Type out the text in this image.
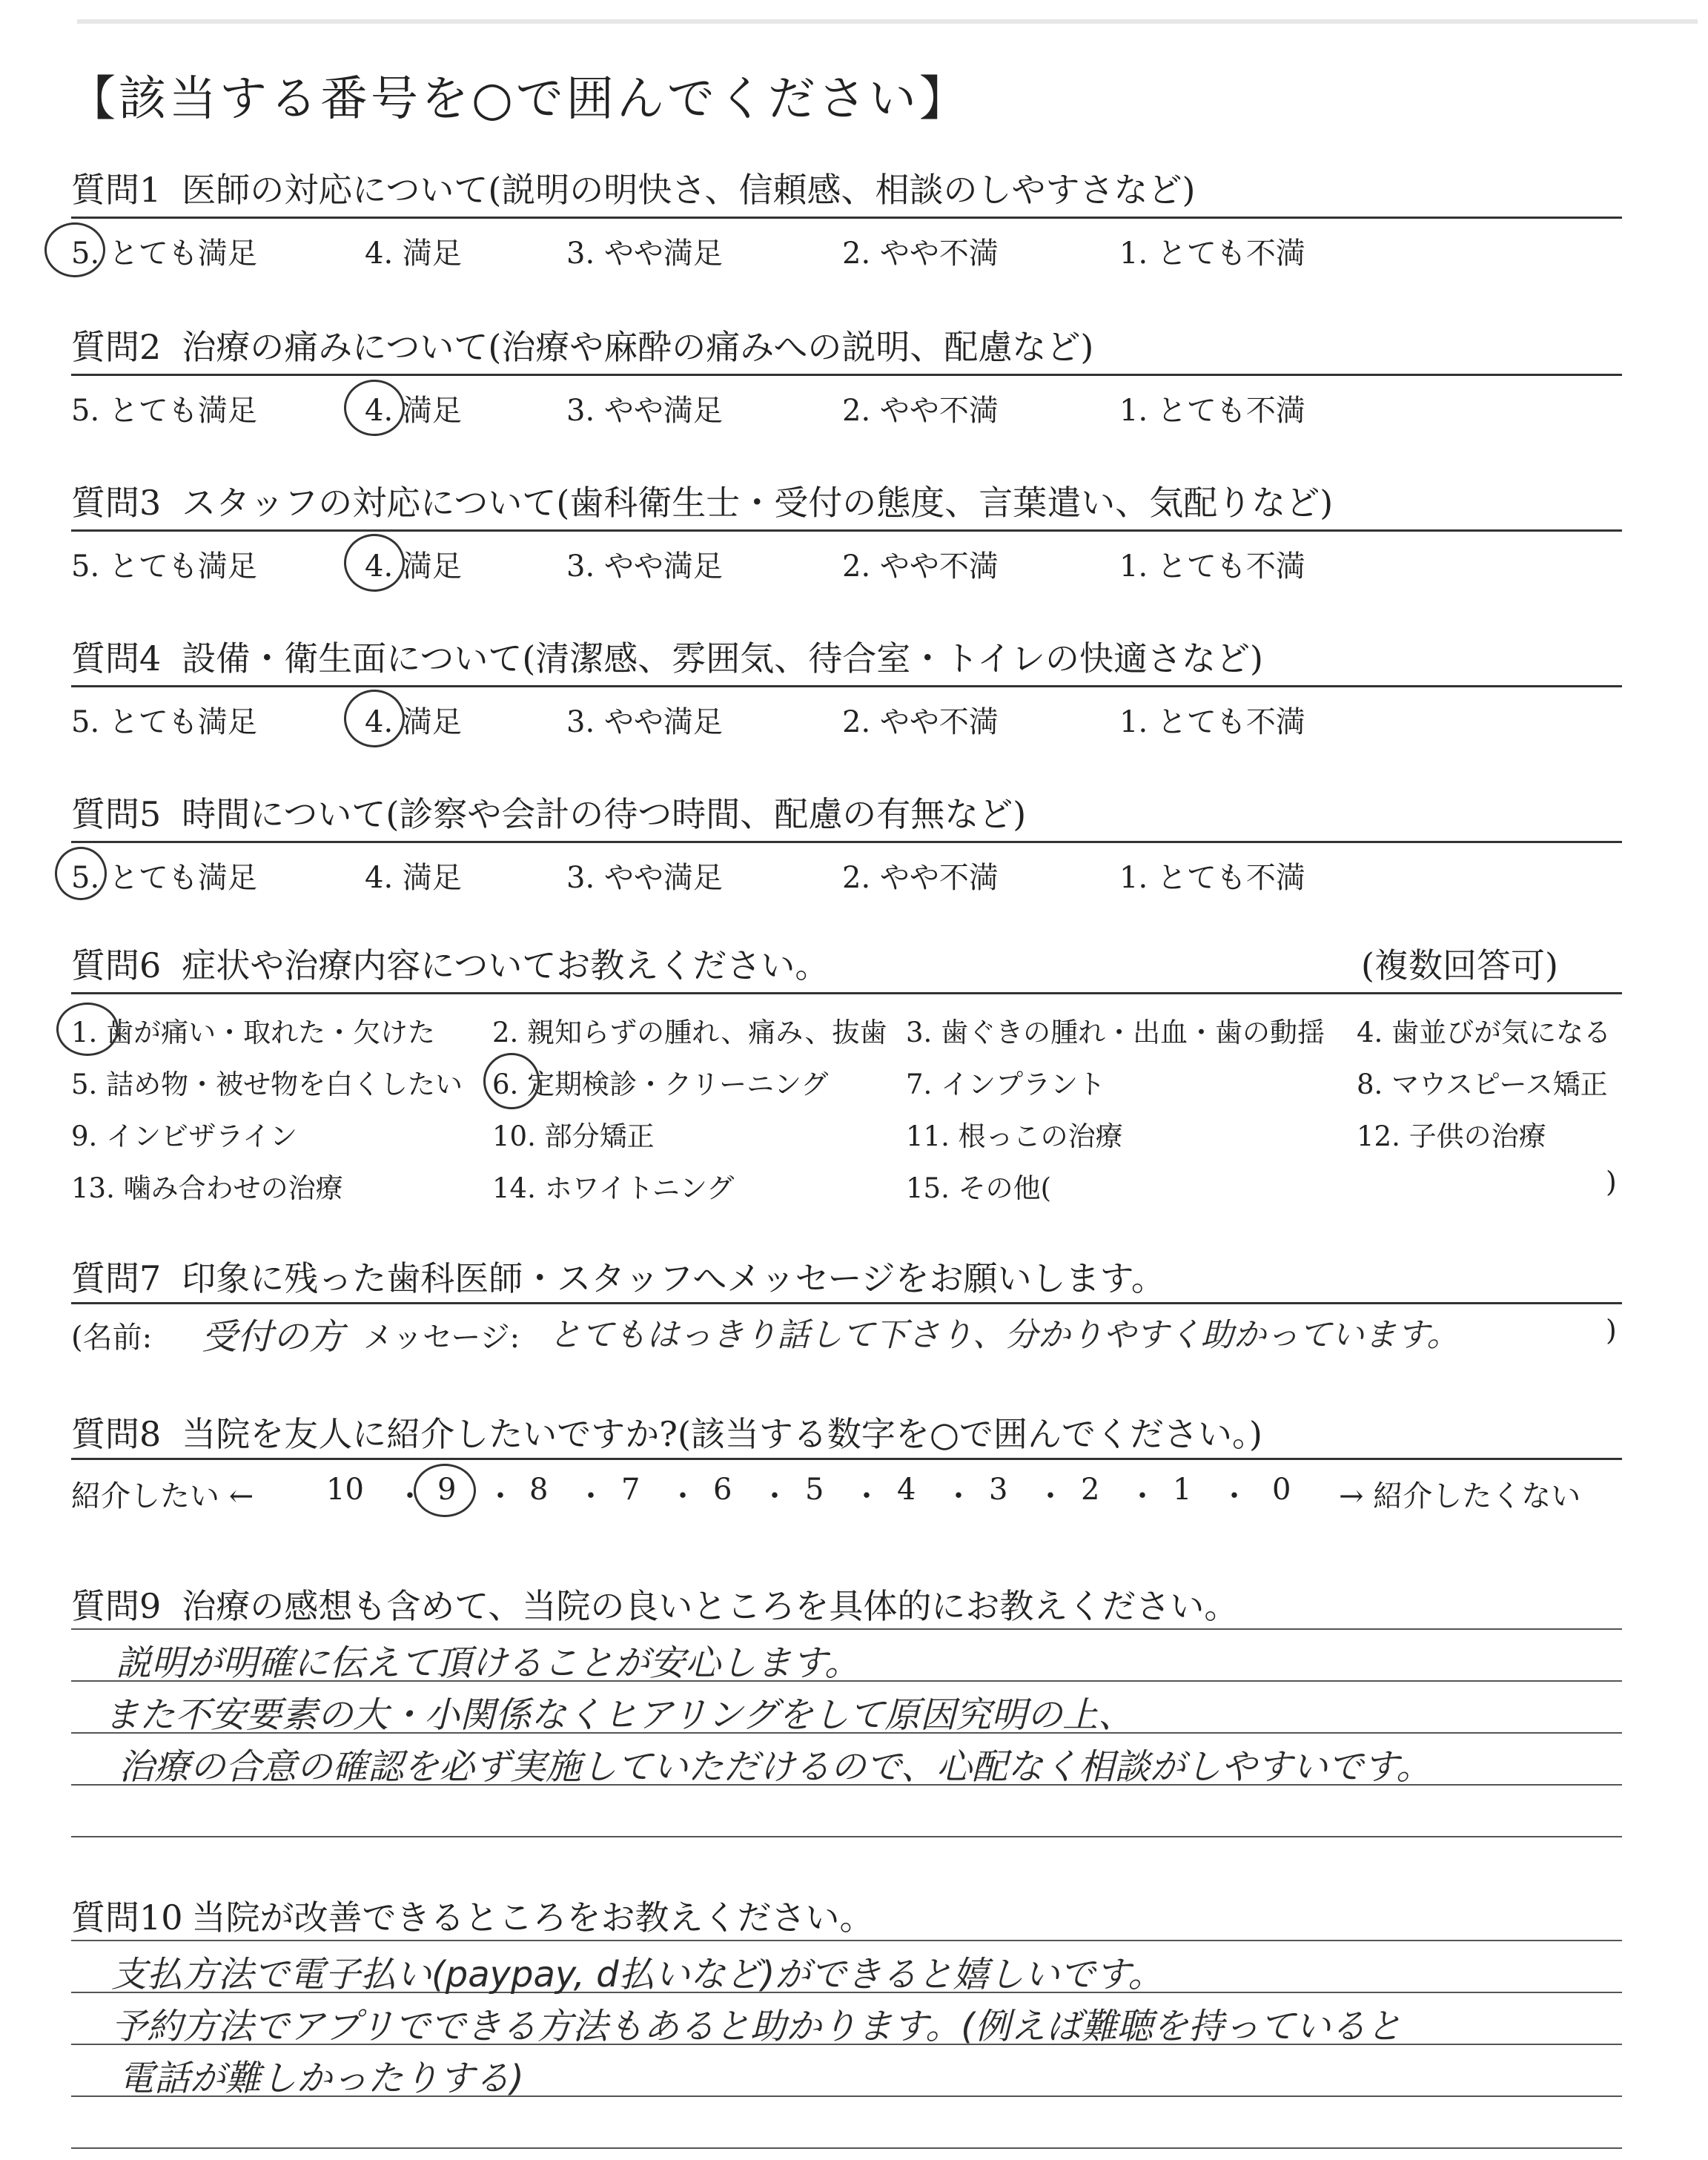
【該当する番号を○で囲んでください】
質問1 医師の対応について(説明の明快さ、信頼感、相談のしやすさなど)
5. とても満足	4. 満足	3. やや満足	2. やや不満	1. とても不満
質問2 治療の痛みについて(治療や麻酔の痛みへの説明、配慮など)
5. とても満足	4. 満足	3. やや満足	2. やや不満	1. とても不満
質問3 スタッフの対応について(歯科衛生士・受付の態度、言葉遣い、気配りなど)
5. とても満足	4. 満足	3. やや満足	2. やや不満	1. とても不満
質問4 設備・衛生面について(清潔感、雰囲気、待合室・トイレの快適さなど)
5. とても満足	4. 満足	3. やや満足	2. やや不満	1. とても不満
質問5 時間について(診察や会計の待つ時間、配慮の有無など)
5. とても満足	4. 満足	3. やや満足	2. やや不満	1. とても不満
質問6 症状や治療内容についてお教えください。	(複数回答可)
1. 歯が痛い・取れた・欠けた 2. 親知らずの腫れ、痛み、抜歯 3. 歯ぐきの腫れ・出血・歯の動揺 4. 歯並びが気になる
5. 詰め物・被せ物を白くしたい 6. 定期検診・クリーニング	7. インプラント	8. マウスピース矯正
9. インビザライン	10. 部分矯正	11. 根っこの治療	12. 子供の治療
13. 噛み合わせの治療	14. ホワイトニング	15. その他(	)
質問7 印象に残った歯科医師・スタッフへメッセージをお願いします。
(名前: 受付の方 メッセージ: とてもはっきり話して下さり、分かりやすく助かっています。	)
質問8 当院を友人に紹介したいですか?(該当する数字を○で囲んでください。)
紹介したい ← 10 ・ 9 ・ 8 ・ 7 ・ 6 ・ 5 ・ 4 ・ 3 ・ 2 ・ 1 ・ 0 → 紹介したくない
質問9 治療の感想も含めて、当院の良いところを具体的にお教えください。
説明が明確に伝えて頂けることが安心します。
また不安要素の大・小関係なくヒアリングをして原因究明の上、
治療の合意の確認を必ず実施していただけるので、心配なく相談がしやすいです。
質問10 当院が改善できるところをお教えください。
支払方法で電子払い(paypay, d払いなど)ができると嬉しいです。
予約方法でアプリでできる方法もあると助かります。(例えば難聴を持っていると
電話が難しかったりする)
